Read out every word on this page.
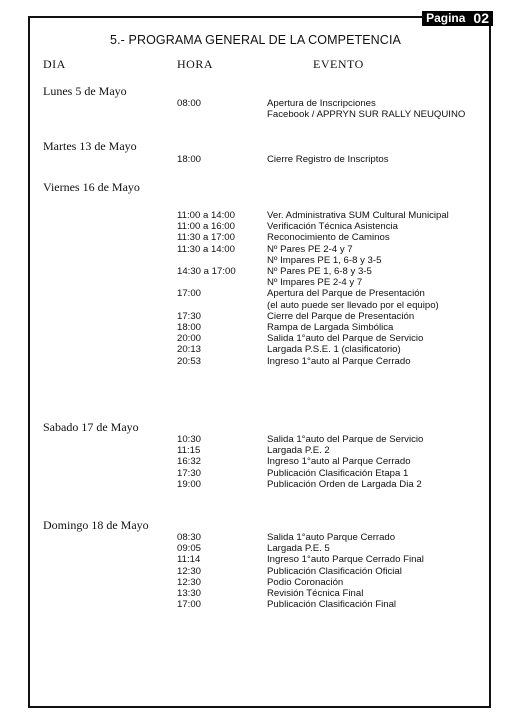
Pagina 02
5.- PROGRAMA GENERAL DE LA COMPETENCIA
DIA	HORA	EVENTO
Lunes 5 de Mayo
08:00	Apertura de Inscripciones
Facebook / APPRYN SUR RALLY NEUQUINO
Martes 13 de Mayo
18:00	Cierre Registro de Inscriptos
Viernes 16 de Mayo
11:00 a 14:00	Ver. Administrativa SUM Cultural Municipal
11:00 a 16:00	Verificación Técnica Asistencia
11:30 a 17:00	Reconocimiento de Caminos
11:30 a 14:00	Nº Pares PE 2-4 y 7
Nº Impares PE 1, 6-8 y 3-5
14:30 a 17:00	Nº Pares PE 1, 6-8 y 3-5
Nº Impares PE 2-4 y 7
17:00	Apertura del Parque de Presentación
(el auto puede ser llevado por el equipo)
17:30	Cierre del Parque de Presentación
18:00	Rampa de Largada Simbólica
20:00	Salida 1°auto del Parque de Servicio
20:13	Largada P.S.E. 1 (clasificatorio)
20:53	Ingreso 1°auto al Parque Cerrado
Sabado 17 de Mayo
10:30	Salida 1°auto del Parque de Servicio
11:15	Largada P.E. 2
16:32	Ingreso 1°auto al Parque Cerrado
17:30	Publicación Clasificación Etapa 1
19:00	Publicación Orden de Largada Dia 2
Domingo 18 de Mayo
08:30	Salida 1°auto Parque Cerrado
09:05	Largada P.E. 5
11:14	Ingreso 1°auto Parque Cerrado Final
12:30	Publicación Clasificación Oficial
12:30	Podio Coronación
13:30	Revisión Técnica Final
17:00	Publicación Clasificación Final
